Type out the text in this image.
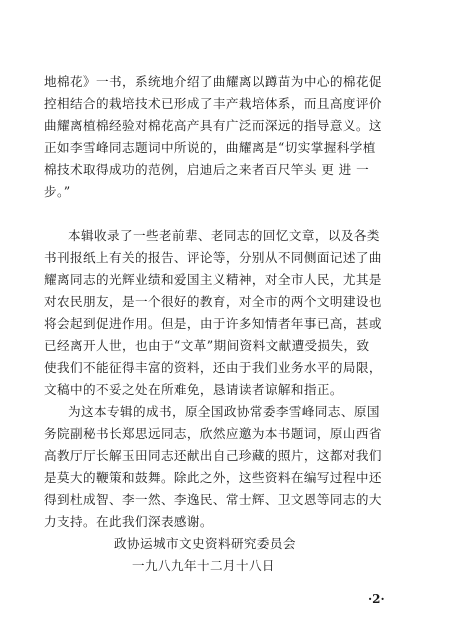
地棉花》一书，系统地介绍了曲耀离以蹲苗为中心的棉花促
控相结合的栽培技术已形成了丰产栽培体系，而且高度评价
曲耀离植棉经验对棉花高产具有广泛而深远的指导意义。这
正如李雪峰同志题词中所说的，曲耀离是“切实掌握科学植
棉技术取得成功的范例，启迪后之来者百尺竿头 更 进 一
步。”
本辑收录了一些老前辈、老同志的回忆文章，以及各类
书刊报纸上有关的报告、评论等，分别从不同侧面记述了曲
耀离同志的光辉业绩和爱国主义精神，对全市人民，尤其是
对农民朋友，是一个很好的教育，对全市的两个文明建设也
将会起到促进作用。但是，由于许多知情者年事已高，甚或
已经离开人世，也由于“文革”期间资料文献遭受损失，致
使我们不能征得丰富的资料，还由于我们业务水平的局限，
文稿中的不妥之处在所难免，恳请读者谅解和指正。
为这本专辑的成书，原全国政协常委李雪峰同志、原国
务院副秘书长郑思远同志，欣然应邀为本书题词，原山西省
高教厅厅长解玉田同志还献出自己珍藏的照片，这都对我们
是莫大的鞭策和鼓舞。除此之外，这些资料在编写过程中还
得到杜成智、李一然、李逸民、常士辉、卫文恩等同志的大
力支持。在此我们深表感谢。
政协运城市文史资料研究委员会
一九八九年十二月十八日
·2·
